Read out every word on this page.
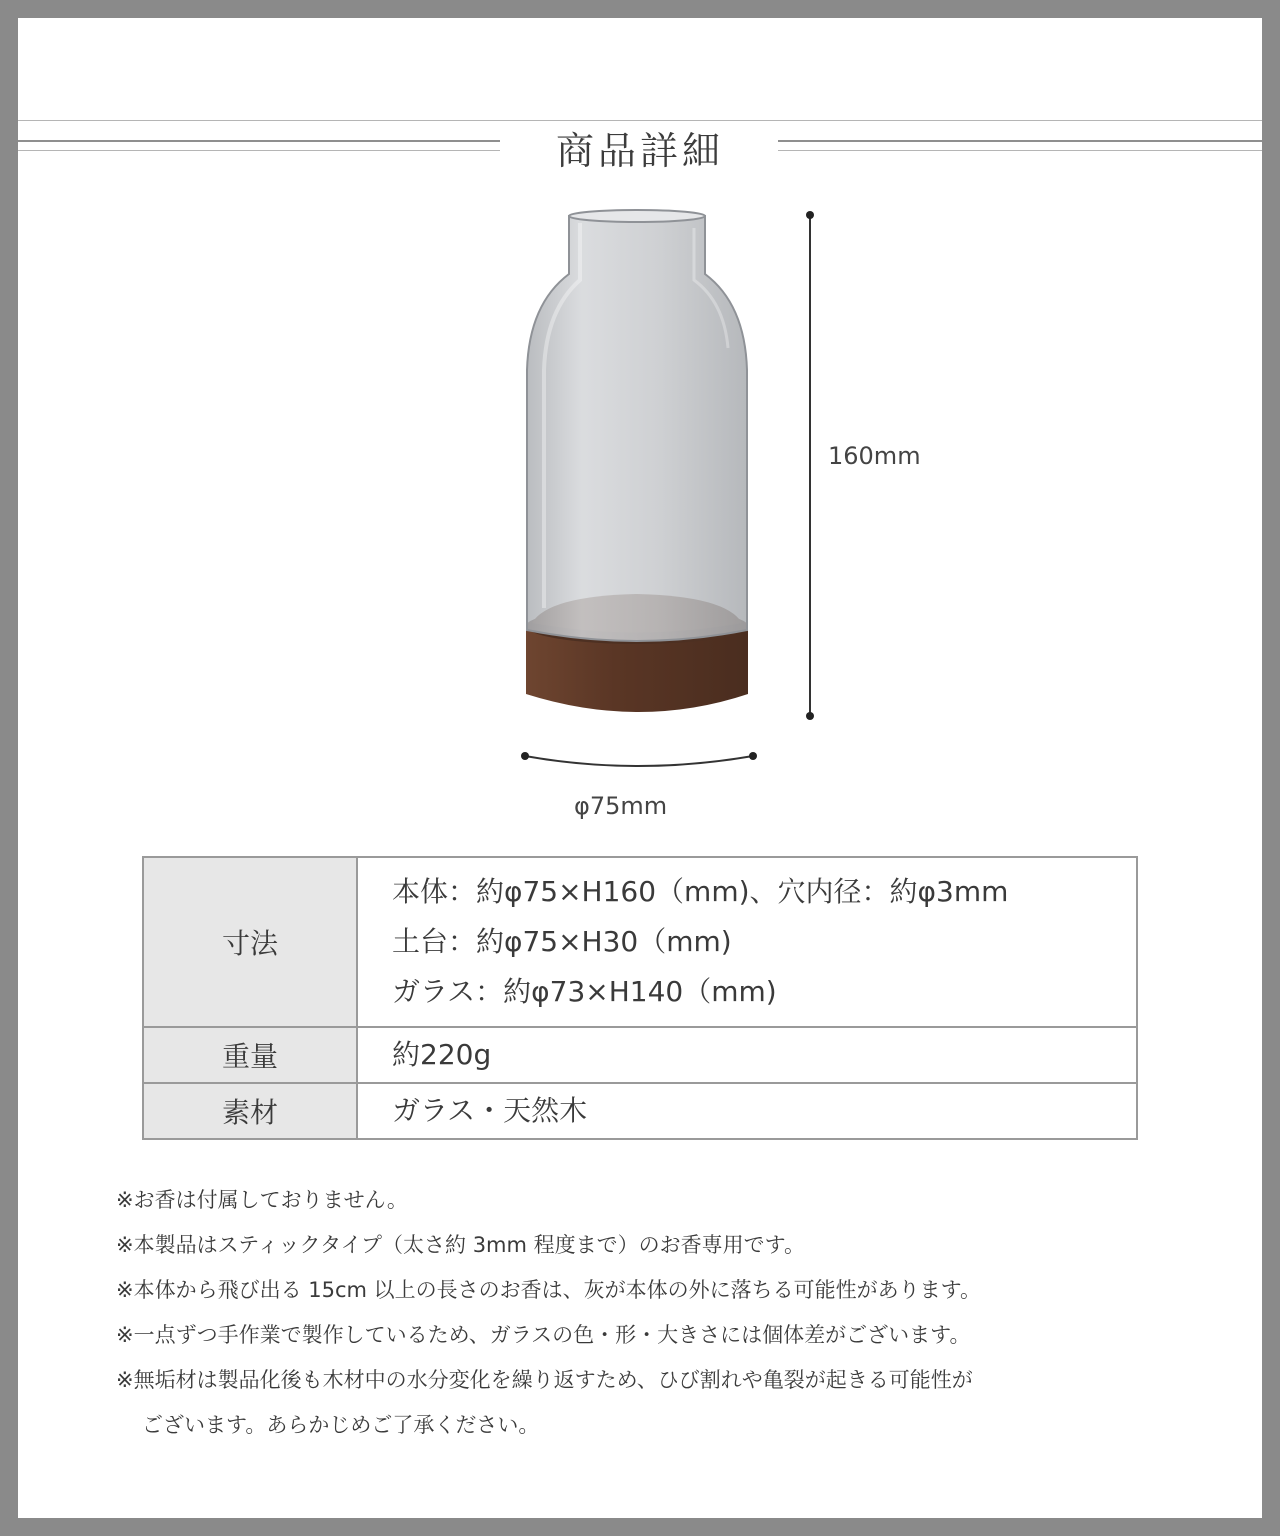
商品詳細
160mm
φ75mm
寸法	本体：約φ75×H160（mm)、穴内径：約φ3mm
土台：約φ75×H30（mm)
ガラス：約φ73×H140（mm)

重量	約220g

素材	ガラス・天然木
※お香は付属しておりません。
※本製品はスティックタイプ（太さ約 3mm 程度まで）のお香専用です。
※本体から飛び出る 15cm 以上の長さのお香は、灰が本体の外に落ちる可能性があります。
※一点ずつ手作業で製作しているため、ガラスの色・形・大きさには個体差がございます。
※無垢材は製品化後も木材中の水分変化を繰り返すため、ひび割れや亀裂が起きる可能性が
ございます。あらかじめご了承ください。
